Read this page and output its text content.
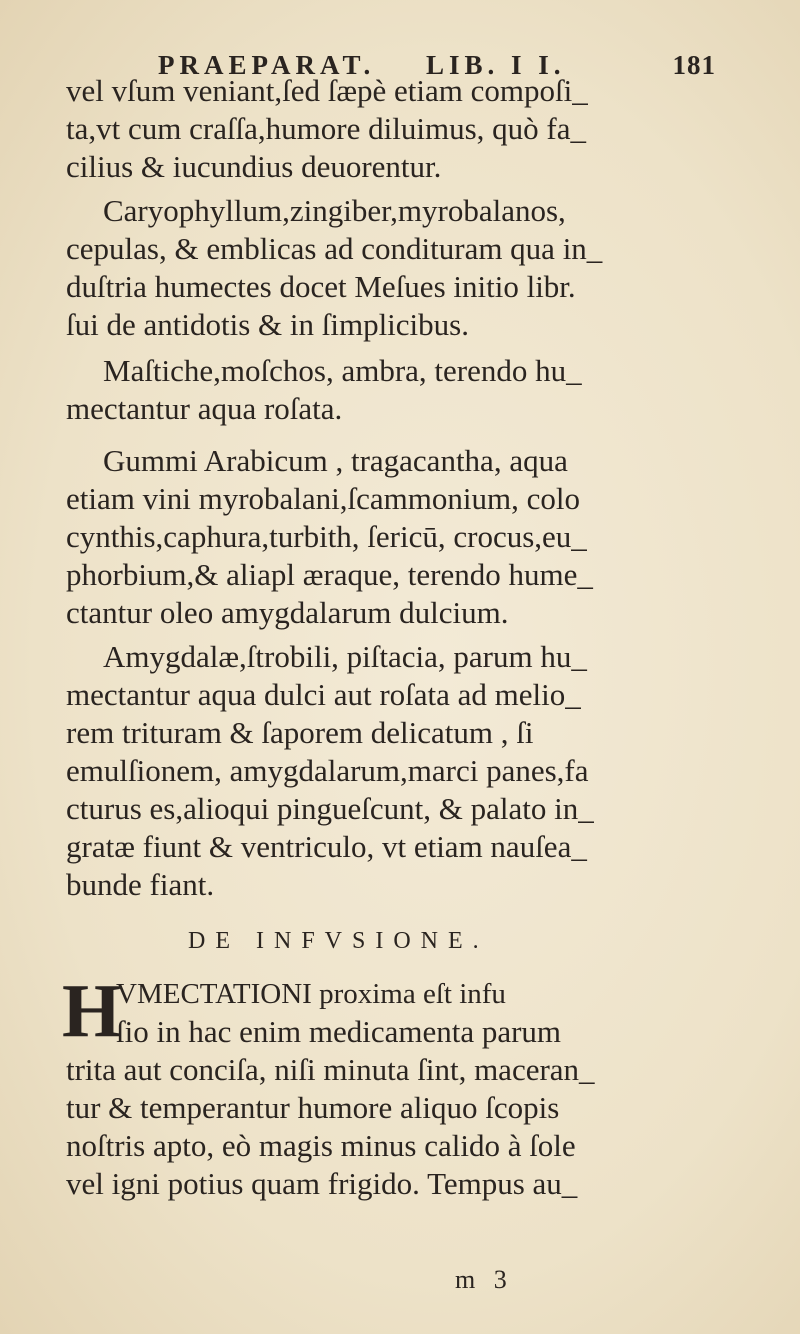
PRAEPARAT. LIB. I I.	181
vel vſum veniant,ſed ſæpè etiam compoſi_
ta,vt cum craſſa,humore diluimus, quò fa_
cilius & iucundius deuorentur.
Caryophyllum,zingiber,myrobalanos,
cepulas, & emblicas ad condituram qua in_
duſtria humectes docet Meſues initio libr.
ſui de antidotis & in ſimplicibus.
Maſtiche,moſchos, ambra, terendo hu_
mectantur aqua roſata.
Gummi Arabicum , tragacantha, aqua
etiam vini myrobalani,ſcammonium, colo
cynthis,caphura,turbith, ſericū, crocus,eu_
phorbium,& aliapl æraque, terendo hume_
ctantur oleo amygdalarum dulcium.
Amygdalæ,ſtrobili, piſtacia, parum hu_
mectantur aqua dulci aut roſata ad melio_
rem trituram & ſaporem delicatum , ſi
emulſionem, amygdalarum,marci panes,fa
cturus es,alioqui pingueſcunt, & palato in_
gratæ fiunt & ventriculo, vt etiam nauſea_
bunde fiant.
DE INFVSIONE.
H
VMECTATIONI proxima eſt infu
ſio in hac enim medicamenta parum
trita aut conciſa, niſi minuta ſint, maceran_
tur & temperantur humore aliquo ſcopis
noſtris apto, eò magis minus calido à ſole
vel igni potius quam frigido. Tempus au_
m 3
